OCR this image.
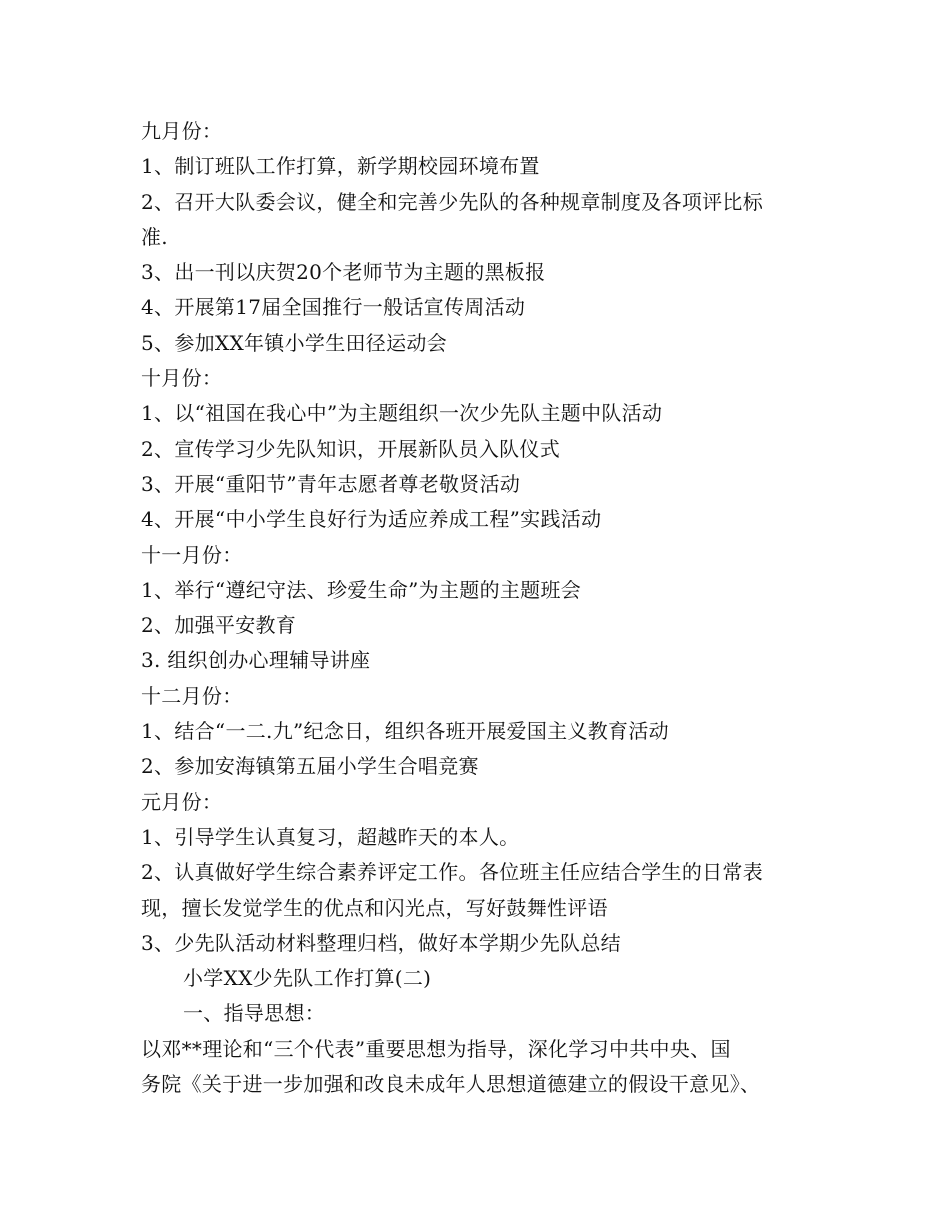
九月份：
1、制订班队工作打算，新学期校园环境布置
2、召开大队委会议，健全和完善少先队的各种规章制度及各项评比标
准.
3、出一刊以庆贺20个老师节为主题的黑板报
4、开展第17届全国推行一般话宣传周活动
5、参加XX年镇小学生田径运动会
十月份：
1、以“祖国在我心中”为主题组织一次少先队主题中队活动
2、宣传学习少先队知识，开展新队员入队仪式
3、开展“重阳节”青年志愿者尊老敬贤活动
4、开展“中小学生良好行为适应养成工程”实践活动
十一月份：
1、举行“遵纪守法、珍爱生命”为主题的主题班会
2、加强平安教育
3. 组织创办心理辅导讲座
十二月份：
1、结合“一二.九”纪念日，组织各班开展爱国主义教育活动
2、参加安海镇第五届小学生合唱竞赛
元月份：
1、引导学生认真复习，超越昨天的本人。
2、认真做好学生综合素养评定工作。各位班主任应结合学生的日常表
现，擅长发觉学生的优点和闪光点，写好鼓舞性评语
3、少先队活动材料整理归档，做好本学期少先队总结
小学XX少先队工作打算(二)
一、指导思想：
以邓**理论和“三个代表”重要思想为指导，深化学习中共中央、国
务院《关于进一步加强和改良未成年人思想道德建立的假设干意见》、
